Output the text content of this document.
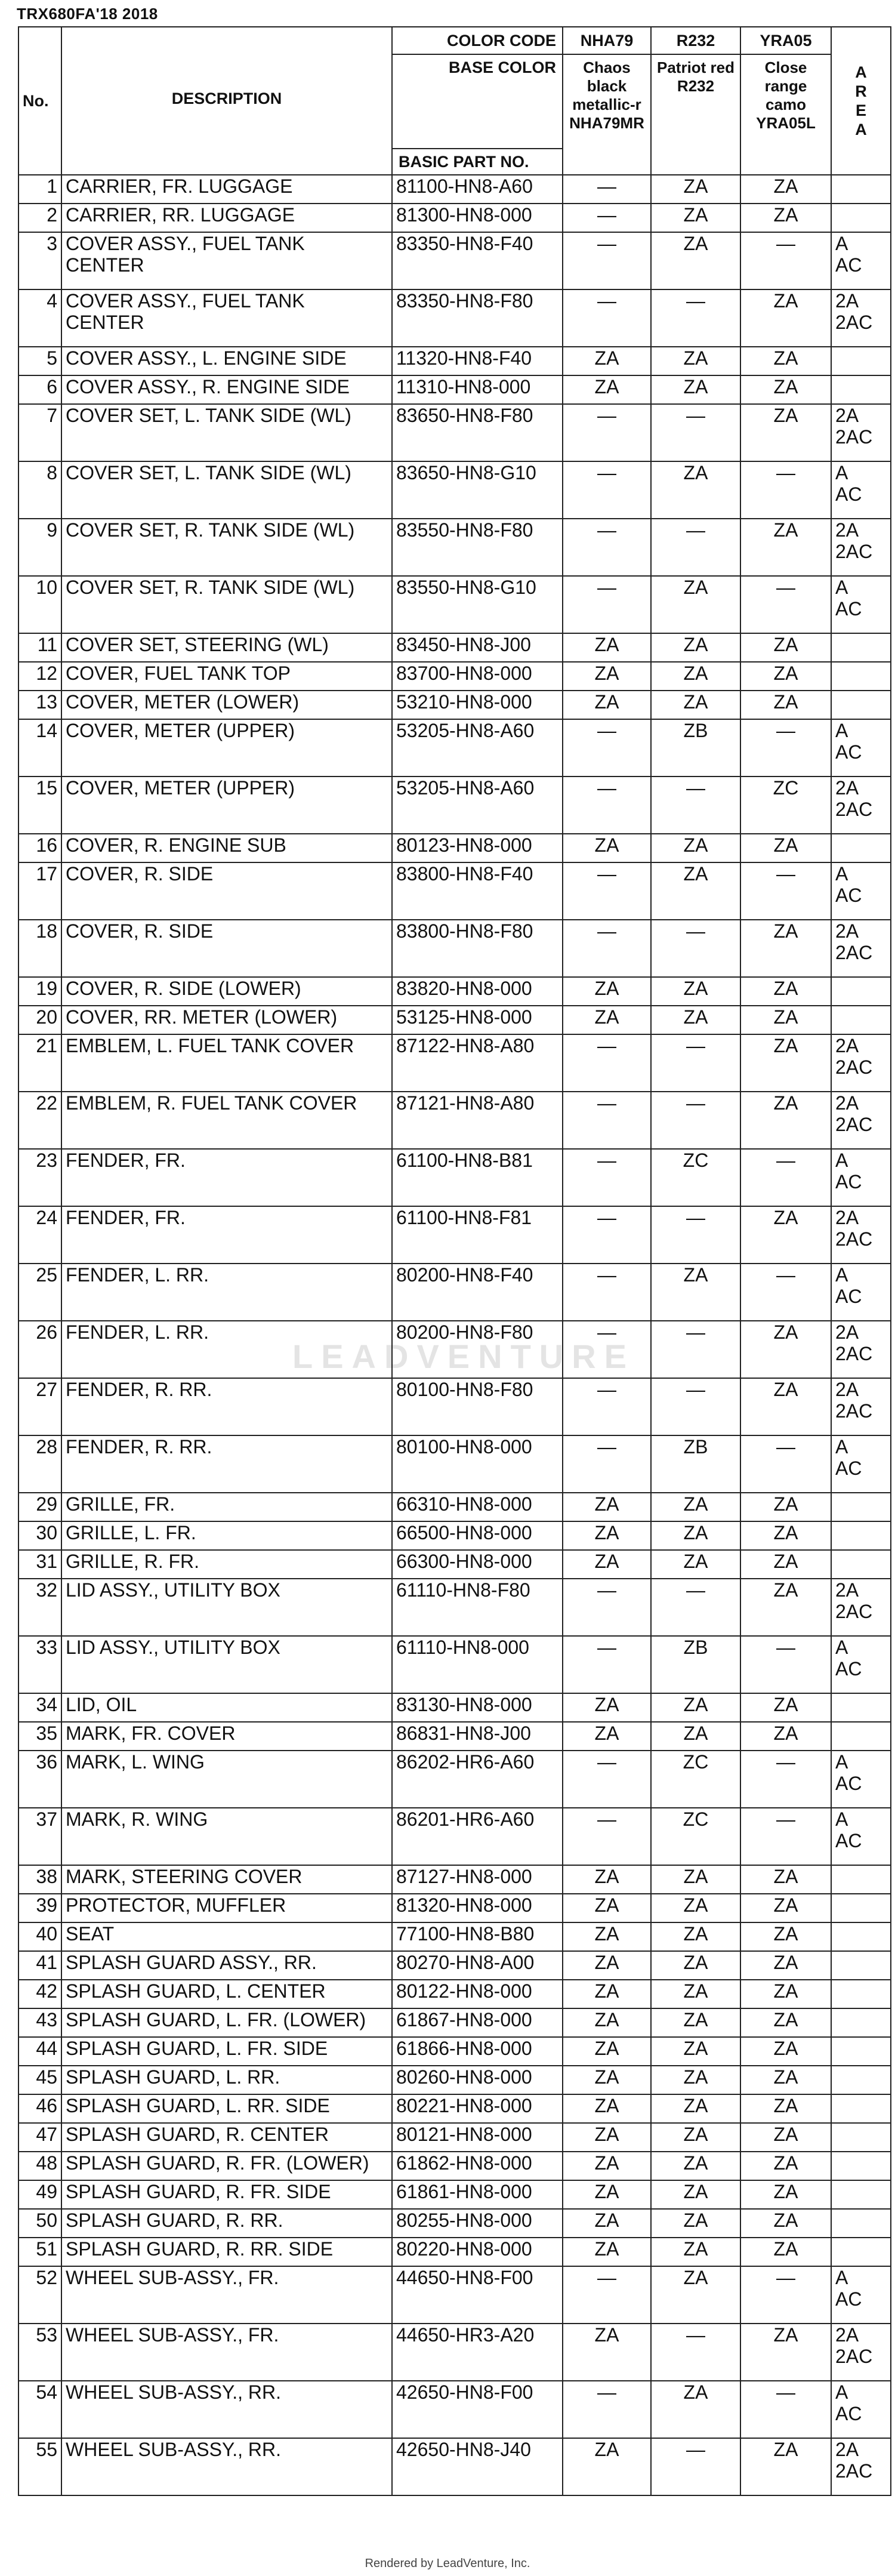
TRX680FA'18 2018
LEADVENTURE
No.	DESCRIPTION	COLOR CODE	NHA79	R232	YRA05	A
R
E
A

		BASE COLOR	Chaos black metallic-r NHA79MR	Patriot red R232	Close range camo YRA05L	
		BASIC PART NO.				
1	CARRIER, FR. LUGGAGE	81100-HN8-A60	—	ZA	ZA	
2	CARRIER, RR. LUGGAGE	81300-HN8-000	—	ZA	ZA	
3	COVER ASSY., FUEL TANK CENTER	83350-HN8-F40	—	ZA	—	A
AC

4	COVER ASSY., FUEL TANK CENTER	83350-HN8-F80	—	—	ZA	2A
2AC

5	COVER ASSY., L. ENGINE SIDE	11320-HN8-F40	ZA	ZA	ZA	
6	COVER ASSY., R. ENGINE SIDE	11310-HN8-000	ZA	ZA	ZA	
7	COVER SET, L. TANK SIDE (WL)	83650-HN8-F80	—	—	ZA	2A
2AC

8	COVER SET, L. TANK SIDE (WL)	83650-HN8-G10	—	ZA	—	A
AC

9	COVER SET, R. TANK SIDE (WL)	83550-HN8-F80	—	—	ZA	2A
2AC

10	COVER SET, R. TANK SIDE (WL)	83550-HN8-G10	—	ZA	—	A
AC

11	COVER SET, STEERING (WL)	83450-HN8-J00	ZA	ZA	ZA	
12	COVER, FUEL TANK TOP	83700-HN8-000	ZA	ZA	ZA	
13	COVER, METER (LOWER)	53210-HN8-000	ZA	ZA	ZA	
14	COVER, METER (UPPER)	53205-HN8-A60	—	ZB	—	A
AC

15	COVER, METER (UPPER)	53205-HN8-A60	—	—	ZC	2A
2AC

16	COVER, R. ENGINE SUB	80123-HN8-000	ZA	ZA	ZA	
17	COVER, R. SIDE	83800-HN8-F40	—	ZA	—	A
AC

18	COVER, R. SIDE	83800-HN8-F80	—	—	ZA	2A
2AC

19	COVER, R. SIDE (LOWER)	83820-HN8-000	ZA	ZA	ZA	
20	COVER, RR. METER (LOWER)	53125-HN8-000	ZA	ZA	ZA	
21	EMBLEM, L. FUEL TANK COVER	87122-HN8-A80	—	—	ZA	2A
2AC

22	EMBLEM, R. FUEL TANK COVER	87121-HN8-A80	—	—	ZA	2A
2AC

23	FENDER, FR.	61100-HN8-B81	—	ZC	—	A
AC

24	FENDER, FR.	61100-HN8-F81	—	—	ZA	2A
2AC

25	FENDER, L. RR.	80200-HN8-F40	—	ZA	—	A
AC

26	FENDER, L. RR.	80200-HN8-F80	—	—	ZA	2A
2AC

27	FENDER, R. RR.	80100-HN8-F80	—	—	ZA	2A
2AC

28	FENDER, R. RR.	80100-HN8-000	—	ZB	—	A
AC

29	GRILLE, FR.	66310-HN8-000	ZA	ZA	ZA	
30	GRILLE, L. FR.	66500-HN8-000	ZA	ZA	ZA	
31	GRILLE, R. FR.	66300-HN8-000	ZA	ZA	ZA	
32	LID ASSY., UTILITY BOX	61110-HN8-F80	—	—	ZA	2A
2AC

33	LID ASSY., UTILITY BOX	61110-HN8-000	—	ZB	—	A
AC

34	LID, OIL	83130-HN8-000	ZA	ZA	ZA	
35	MARK, FR. COVER	86831-HN8-J00	ZA	ZA	ZA	
36	MARK, L. WING	86202-HR6-A60	—	ZC	—	A
AC

37	MARK, R. WING	86201-HR6-A60	—	ZC	—	A
AC

38	MARK, STEERING COVER	87127-HN8-000	ZA	ZA	ZA	
39	PROTECTOR, MUFFLER	81320-HN8-000	ZA	ZA	ZA	
40	SEAT	77100-HN8-B80	ZA	ZA	ZA	
41	SPLASH GUARD ASSY., RR.	80270-HN8-A00	ZA	ZA	ZA	
42	SPLASH GUARD, L. CENTER	80122-HN8-000	ZA	ZA	ZA	
43	SPLASH GUARD, L. FR. (LOWER)	61867-HN8-000	ZA	ZA	ZA	
44	SPLASH GUARD, L. FR. SIDE	61866-HN8-000	ZA	ZA	ZA	
45	SPLASH GUARD, L. RR.	80260-HN8-000	ZA	ZA	ZA	
46	SPLASH GUARD, L. RR. SIDE	80221-HN8-000	ZA	ZA	ZA	
47	SPLASH GUARD, R. CENTER	80121-HN8-000	ZA	ZA	ZA	
48	SPLASH GUARD, R. FR. (LOWER)	61862-HN8-000	ZA	ZA	ZA	
49	SPLASH GUARD, R. FR. SIDE	61861-HN8-000	ZA	ZA	ZA	
50	SPLASH GUARD, R. RR.	80255-HN8-000	ZA	ZA	ZA	
51	SPLASH GUARD, R. RR. SIDE	80220-HN8-000	ZA	ZA	ZA	
52	WHEEL SUB-ASSY., FR.	44650-HN8-F00	—	ZA	—	A
AC

53	WHEEL SUB-ASSY., FR.	44650-HR3-A20	ZA	—	ZA	2A
2AC

54	WHEEL SUB-ASSY., RR.	42650-HN8-F00	—	ZA	—	A
AC

55	WHEEL SUB-ASSY., RR.	42650-HN8-J40	ZA	—	ZA	2A
2AC
Rendered by LeadVenture, Inc.
